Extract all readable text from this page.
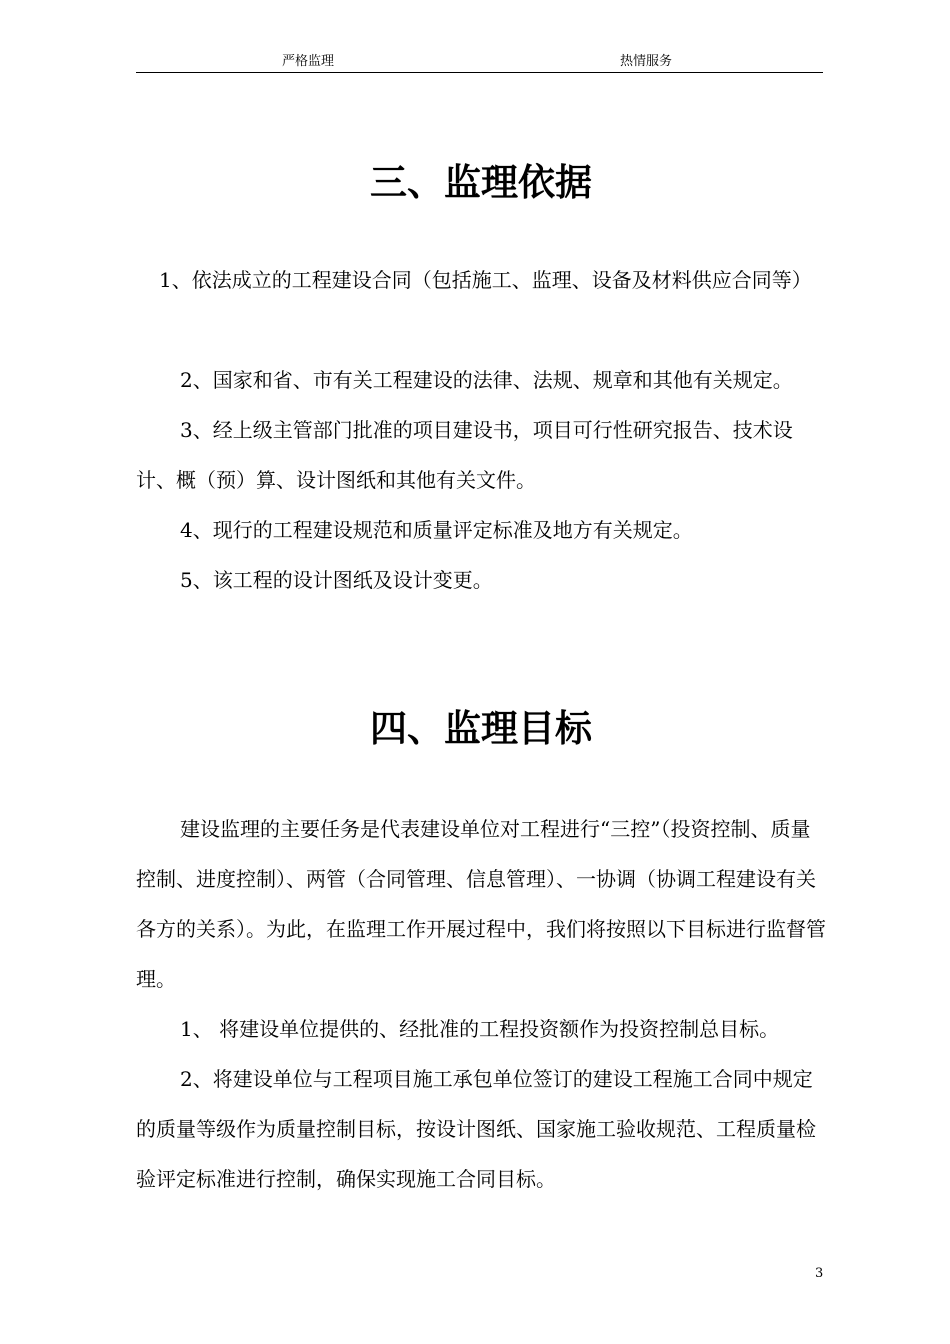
严格监理	热情服务
三、监理依据

1、依法成立的工程建设合同（包括施工、监理、设备及材料供应合同等）

2、国家和省、市有关工程建设的法律、法规、规章和其他有关规定。

3、经上级主管部门批准的项目建设书，项目可行性研究报告、技术设计、概（预）算、设计图纸和其他有关文件。

4、现行的工程建设规范和质量评定标准及地方有关规定。

5、该工程的设计图纸及设计变更。

四、监理目标

建设监理的主要任务是代表建设单位对工程进行“三控”（投资控制、质量控制、进度控制）、两管（合同管理、信息管理）、一协调（协调工程建设有关各方的关系）。为此，在监理工作开展过程中，我们将按照以下目标进行监督管理。

1、 将建设单位提供的、经批准的工程投资额作为投资控制总目标。

2、将建设单位与工程项目施工承包单位签订的建设工程施工合同中规定的质量等级作为质量控制目标，按设计图纸、国家施工验收规范、工程质量检验评定标准进行控制，确保实现施工合同目标。

3
